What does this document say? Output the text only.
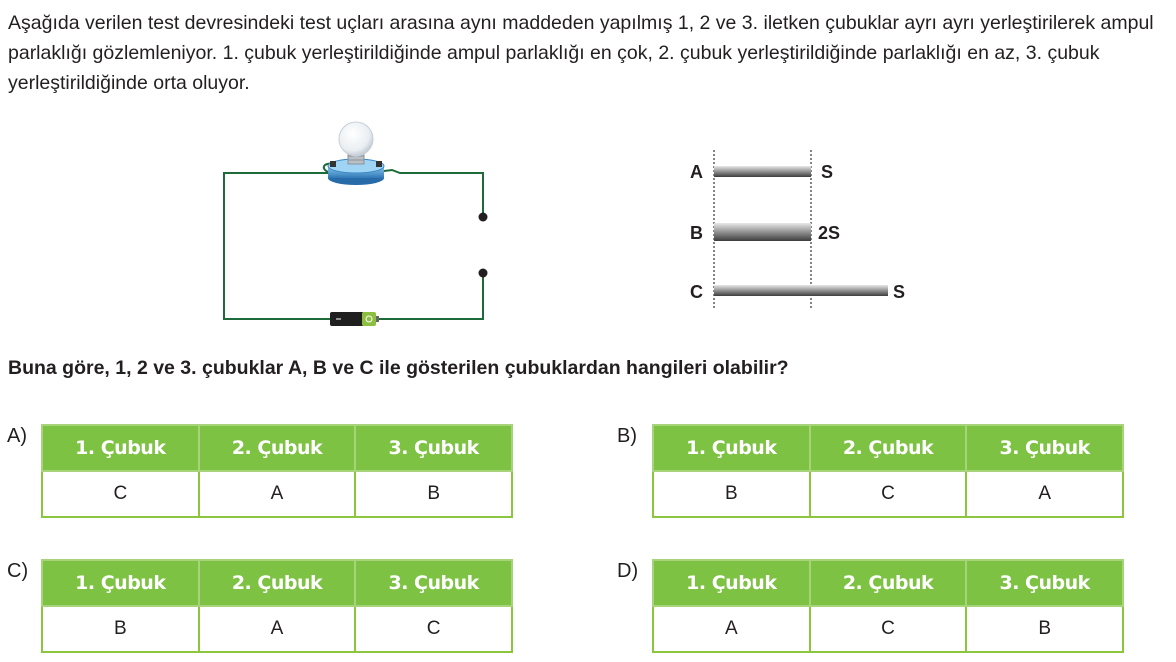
Aşağıda verilen test devresindeki test uçları arasına aynı maddeden yapılmış 1, 2 ve 3. iletken çubuklar ayrı ayrı yerleştirilerek ampul parlaklığı gözlemleniyor. 1. çubuk yerleştirildiğinde ampul parlaklığı en çok, 2. çubuk yerleştirildiğinde parlaklığı en az, 3. çubuk yerleştirildiğinde orta oluyor.

A	S
B	2S
C	S

Buna göre, 1, 2 ve 3. çubuklar A, B ve C ile gösterilen çubuklardan hangileri olabilir?

A)
1. Çubuk	2. Çubuk	3. Çubuk
C	A	B
B)
1. Çubuk	2. Çubuk	3. Çubuk
B	C	A
C)
1. Çubuk	2. Çubuk	3. Çubuk
B	A	C
D)
1. Çubuk	2. Çubuk	3. Çubuk
A	C	B
